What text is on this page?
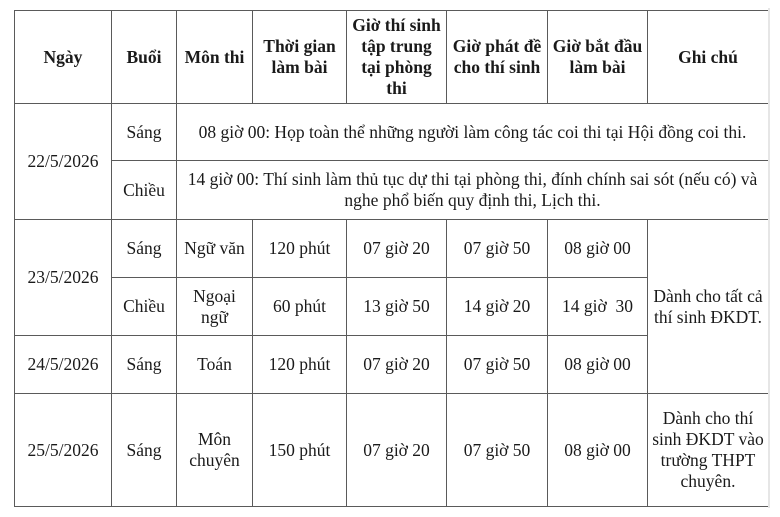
Ngày	Buổi	Môn thi	Thời gian làm bài	Giờ thí sinh tập trung tại phòng thi	Giờ phát đề cho thí sinh	Giờ bắt đầu làm bài	Ghi chú
22/5/2026	Sáng	08 giờ 00: Họp toàn thể những người làm công tác coi thi tại Hội đồng coi thi.					
	Chiều	14 giờ 00: Thí sinh làm thủ tục dự thi tại phòng thi, đính chính sai sót (nếu có) và nghe phổ biến quy định thi, Lịch thi.					
23/5/2026	Sáng	Ngữ văn	120 phút	07 giờ 20	07 giờ 50	08 giờ 00	Dành cho tất cả thí sinh ĐKDT.
	Chiều	Ngoại ngữ	60 phút	13 giờ 50	14 giờ 20	14 giờ  30	
24/5/2026	Sáng	Toán	120 phút	07 giờ 20	07 giờ 50	08 giờ 00	
25/5/2026	Sáng	Môn chuyên	150 phút	07 giờ 20	07 giờ 50	08 giờ 00	Dành cho thí sinh ĐKDT vào trường THPT chuyên.
